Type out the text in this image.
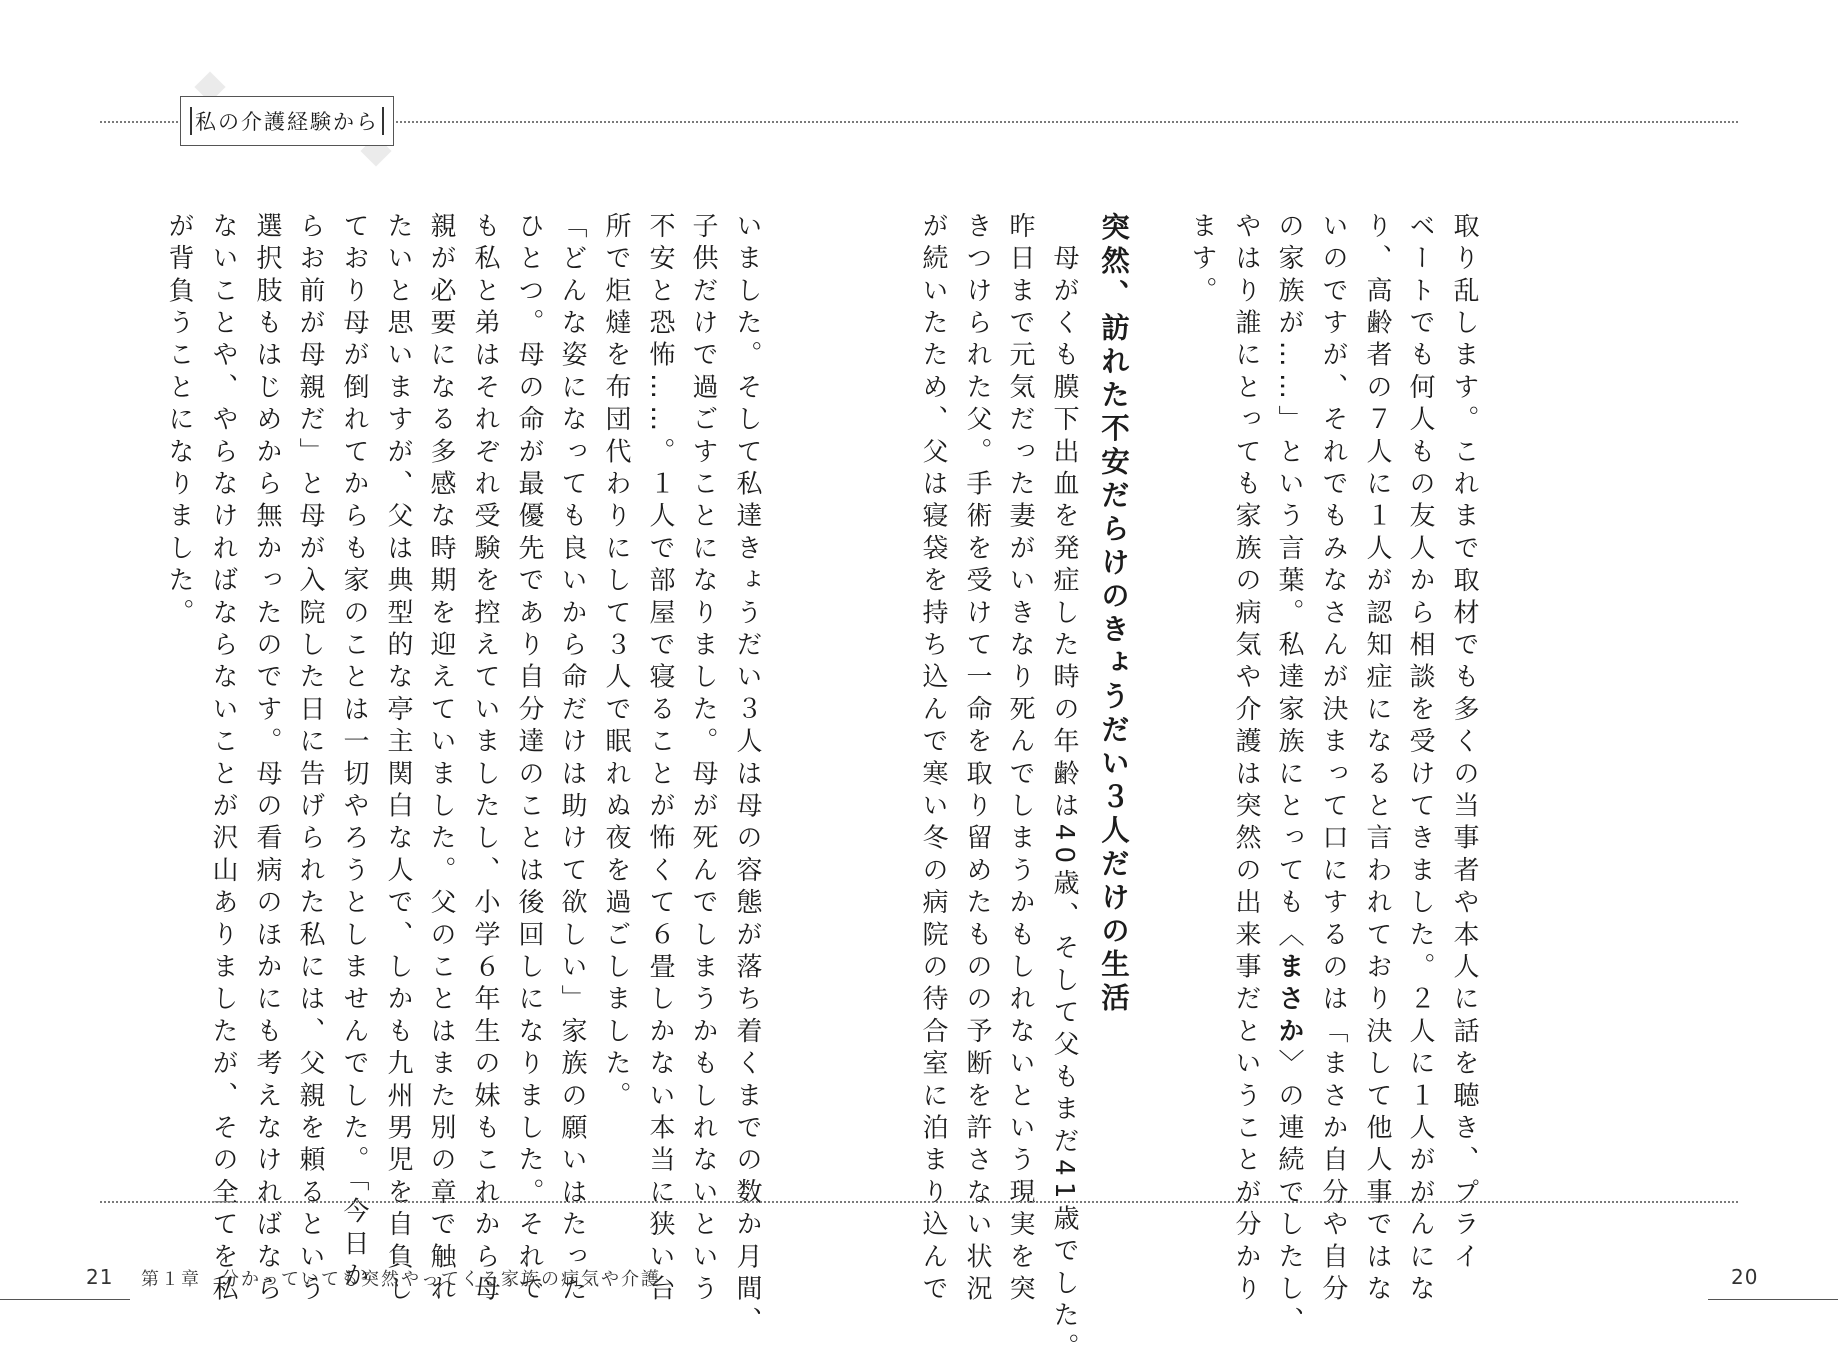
私の介護経験から
取り乱します。これまで取材でも多くの当事者や本人に話を聴き、プライ
ベートでも何人もの友人から相談を受けてきました。２人に１人ががんにな
り、高齢者の７人に１人が認知症になると言われており決して他人事ではな
いのですが、それでもみなさんが決まって口にするのは「まさか自分や自分
の家族が……」という言葉。私達家族にとっても〈まさか〉の連続でしたし、
やはり誰にとっても家族の病気や介護は突然の出来事だということが分かり
ます。
突然、訪れた不安だらけのきょうだい３人だけの生活
　母がくも膜下出血を発症した時の年齢は40歳、そして父もまだ41歳でした。
昨日まで元気だった妻がいきなり死んでしまうかもしれないという現実を突
きつけられた父。手術を受けて一命を取り留めたものの予断を許さない状況
が続いたため、父は寝袋を持ち込んで寒い冬の病院の待合室に泊まり込んで
いました。そして私達きょうだい３人は母の容態が落ち着くまでの数か月間、
子供だけで過ごすことになりました。母が死んでしまうかもしれないという
不安と恐怖……。１人で部屋で寝ることが怖くて６畳しかない本当に狭い台
所で炬燵を布団代わりにして３人で眠れぬ夜を過ごしました。
「どんな姿になっても良いから命だけは助けて欲しい」家族の願いはたった
ひとつ。母の命が最優先であり自分達のことは後回しになりました。それで
も私と弟はそれぞれ受験を控えていましたし、小学６年生の妹もこれから母
親が必要になる多感な時期を迎えていました。父のことはまた別の章で触れ
たいと思いますが、父は典型的な亭主関白な人で、しかも九州男児を自負し
ており母が倒れてからも家のことは一切やろうとしませんでした。「今日か
らお前が母親だ」と母が入院した日に告げられた私には、父親を頼るという
選択肢もはじめから無かったのです。母の看病のほかにも考えなければなら
ないことや、やらなければならないことが沢山ありましたが、その全てを私
が背負うことになりました。
21 第１章　分かっていても突然やってくる家族の病気や介護	20
